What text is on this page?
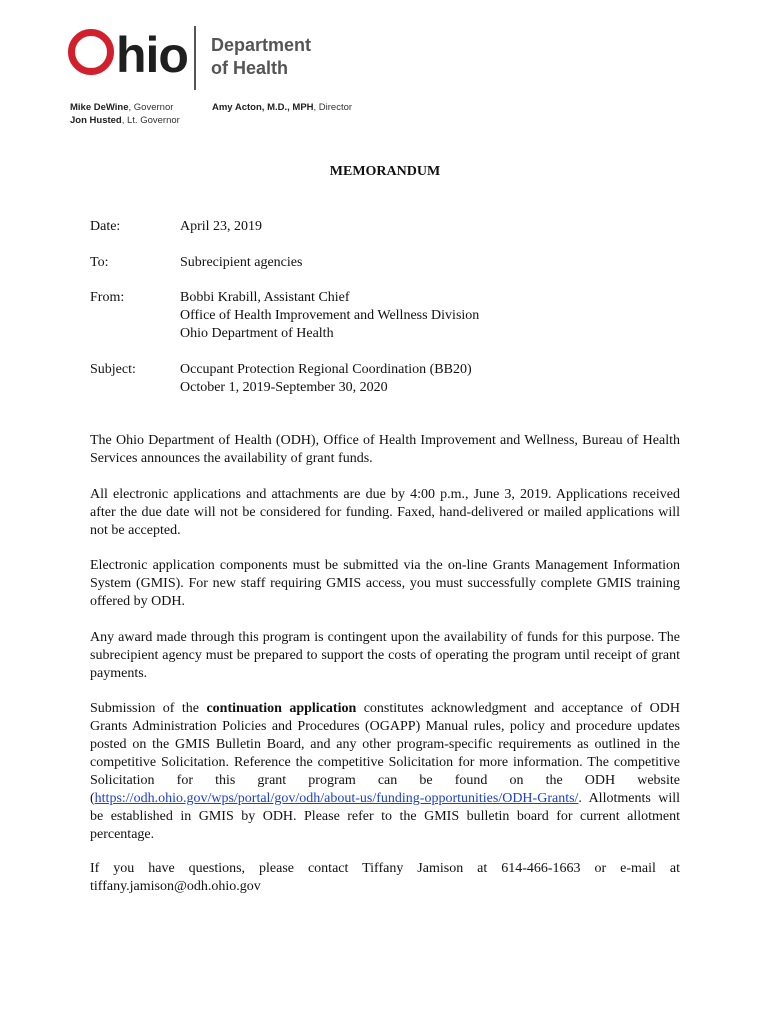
hio Department
of Health
Mike DeWine, Governor
Jon Husted, Lt. Governor
Amy Acton, M.D., MPH, Director
MEMORANDUM
Date:	April 23, 2019
To:	Subrecipient agencies
From:	Bobbi Krabill, Assistant Chief
Office of Health Improvement and Wellness Division
Ohio Department of Health
Subject:	Occupant Protection Regional Coordination (BB20)
October 1, 2019-September 30, 2020
The Ohio Department of Health (ODH), Office of Health Improvement and Wellness, Bureau of Health Services announces the availability of grant funds.
All electronic applications and attachments are due by 4:00 p.m., June 3, 2019. Applications received after the due date will not be considered for funding. Faxed, hand-delivered or mailed applications will not be accepted.
Electronic application components must be submitted via the on-line Grants Management Information System (GMIS). For new staff requiring GMIS access, you must successfully complete GMIS training offered by ODH.
Any award made through this program is contingent upon the availability of funds for this purpose. The subrecipient agency must be prepared to support the costs of operating the program until receipt of grant payments.
Submission of the continuation application constitutes acknowledgment and acceptance of ODH Grants Administration Policies and Procedures (OGAPP) Manual rules, policy and procedure updates posted on the GMIS Bulletin Board, and any other program-specific requirements as outlined in the competitive Solicitation. Reference the competitive Solicitation for more information. The competitive Solicitation for this grant program can be found on the ODH website (https://odh.ohio.gov/wps/portal/gov/odh/about-us/funding-opportunities/ODH-Grants/. Allotments will be established in GMIS by ODH. Please refer to the GMIS bulletin board for current allotment percentage.
If you have questions, please contact Tiffany Jamison at 614-466-1663 or e-mail at tiffany.jamison@odh.ohio.gov
